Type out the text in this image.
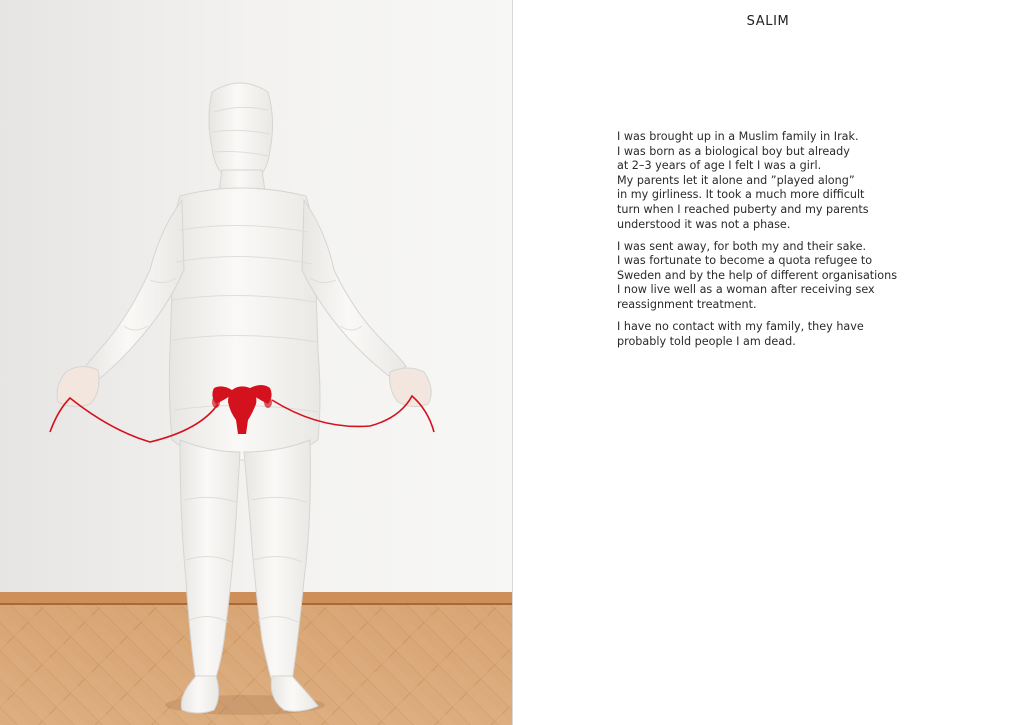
SALIM

I was brought up in a Muslim family in Irak.
I was born as a biological boy but already
at 2–3 years of age I felt I was a girl.
My parents let it alone and ”played along”
in my girliness. It took a much more difficult
turn when I reached puberty and my parents
understood it was not a phase.

I was sent away, for both my and their sake.
I was fortunate to become a quota refugee to
Sweden and by the help of different organisations
I now live well as a woman after receiving sex
reassignment treatment.

I have no contact with my family, they have
probably told people I am dead.
